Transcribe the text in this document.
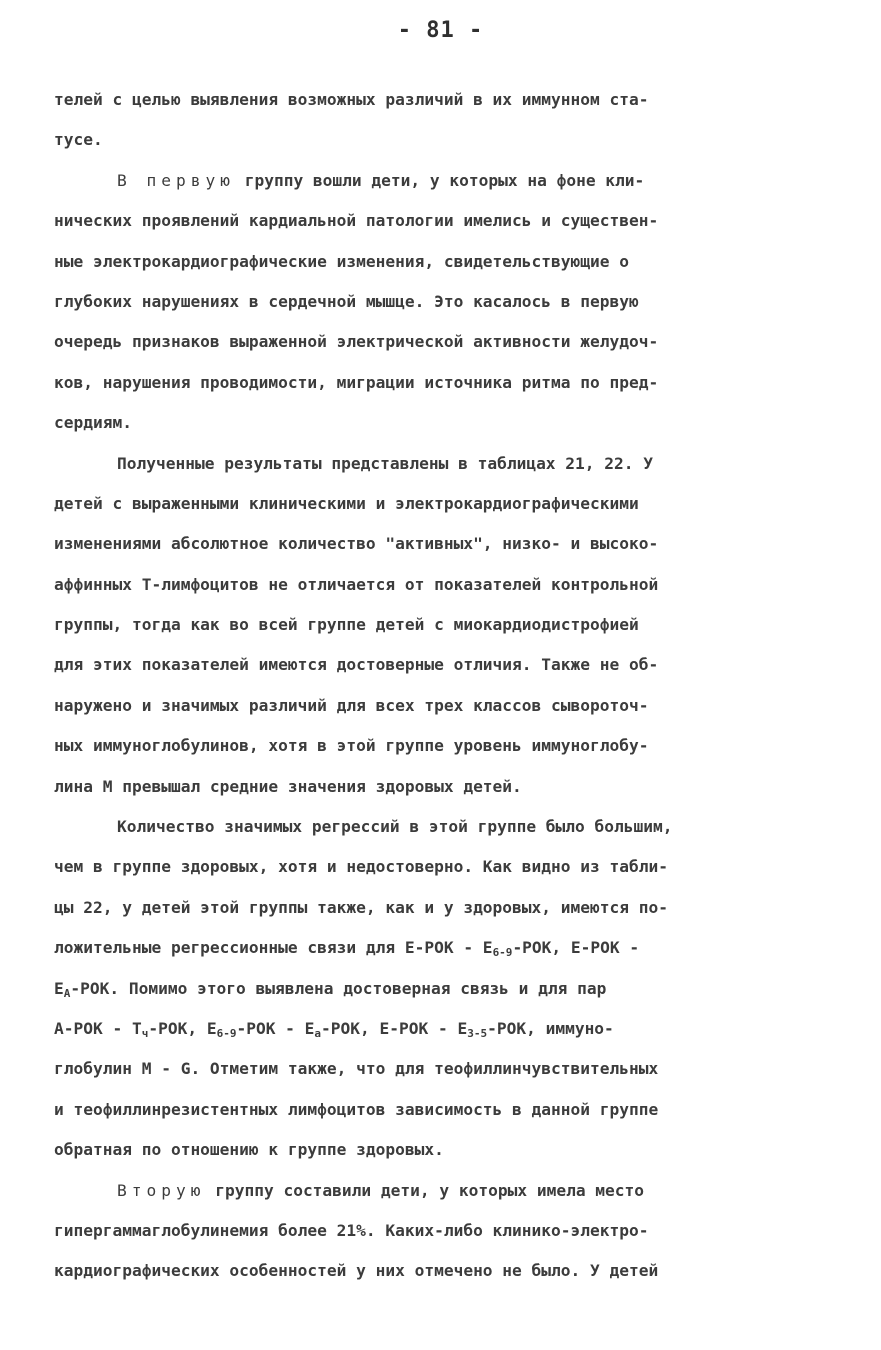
- 81 -
телей с целью выявления возможных различий в их иммунном ста-
тусе.
В первую группу вошли дети, у которых на фоне кли-
нических проявлений кардиальной патологии имелись и существен-
ные электрокардиографические изменения, свидетельствующие о
глубоких нарушениях в сердечной мышце. Это касалось в первую
очередь признаков выраженной электрической активности желудоч-
ков, нарушения проводимости, миграции источника ритма по пред-
сердиям.
Полученные результаты представлены в таблицах 21, 22. У
детей с выраженными клиническими и электрокардиографическими
изменениями абсолютное количество "активных", низко- и высоко-
аффинных Т-лимфоцитов не отличается от показателей контрольной
группы, тогда как во всей группе детей с миокардиодистрофией
для этих показателей имеются достоверные отличия. Также не об-
наружено и значимых различий для всех трех классов сывороточ-
ных иммуноглобулинов, хотя в этой группе уровень иммуноглобу-
лина М превышал средние значения здоровых детей.
Количество значимых регрессий в этой группе было большим,
чем в группе здоровых, хотя и недостоверно. Как видно из табли-
цы 22, у детей этой группы также, как и у здоровых, имеются по-
ложительные регрессионные связи для $Е-РОК - Е_{6-9}$-РОК, Е-РОК -
$Е_А$-РОК. Помимо этого выявлена достоверная связь и для пар
$А-РОК - Т_ч$-РОК, $Е_{6-9}$-РОК - $Е_а$-РОК, $Е-РОК - Е_{3-5}$-РОК, иммуно-
глобулин М - G. Отметим также, что для теофиллинчувствительных
и теофиллинрезистентных лимфоцитов зависимость в данной группе
обратная по отношению к группе здоровых.
Вторую группу составили дети, у которых имела место
гипергаммаглобулинемия более 21%. Каких-либо клинико-электро-
кардиографических особенностей у них отмечено не было. У детей
